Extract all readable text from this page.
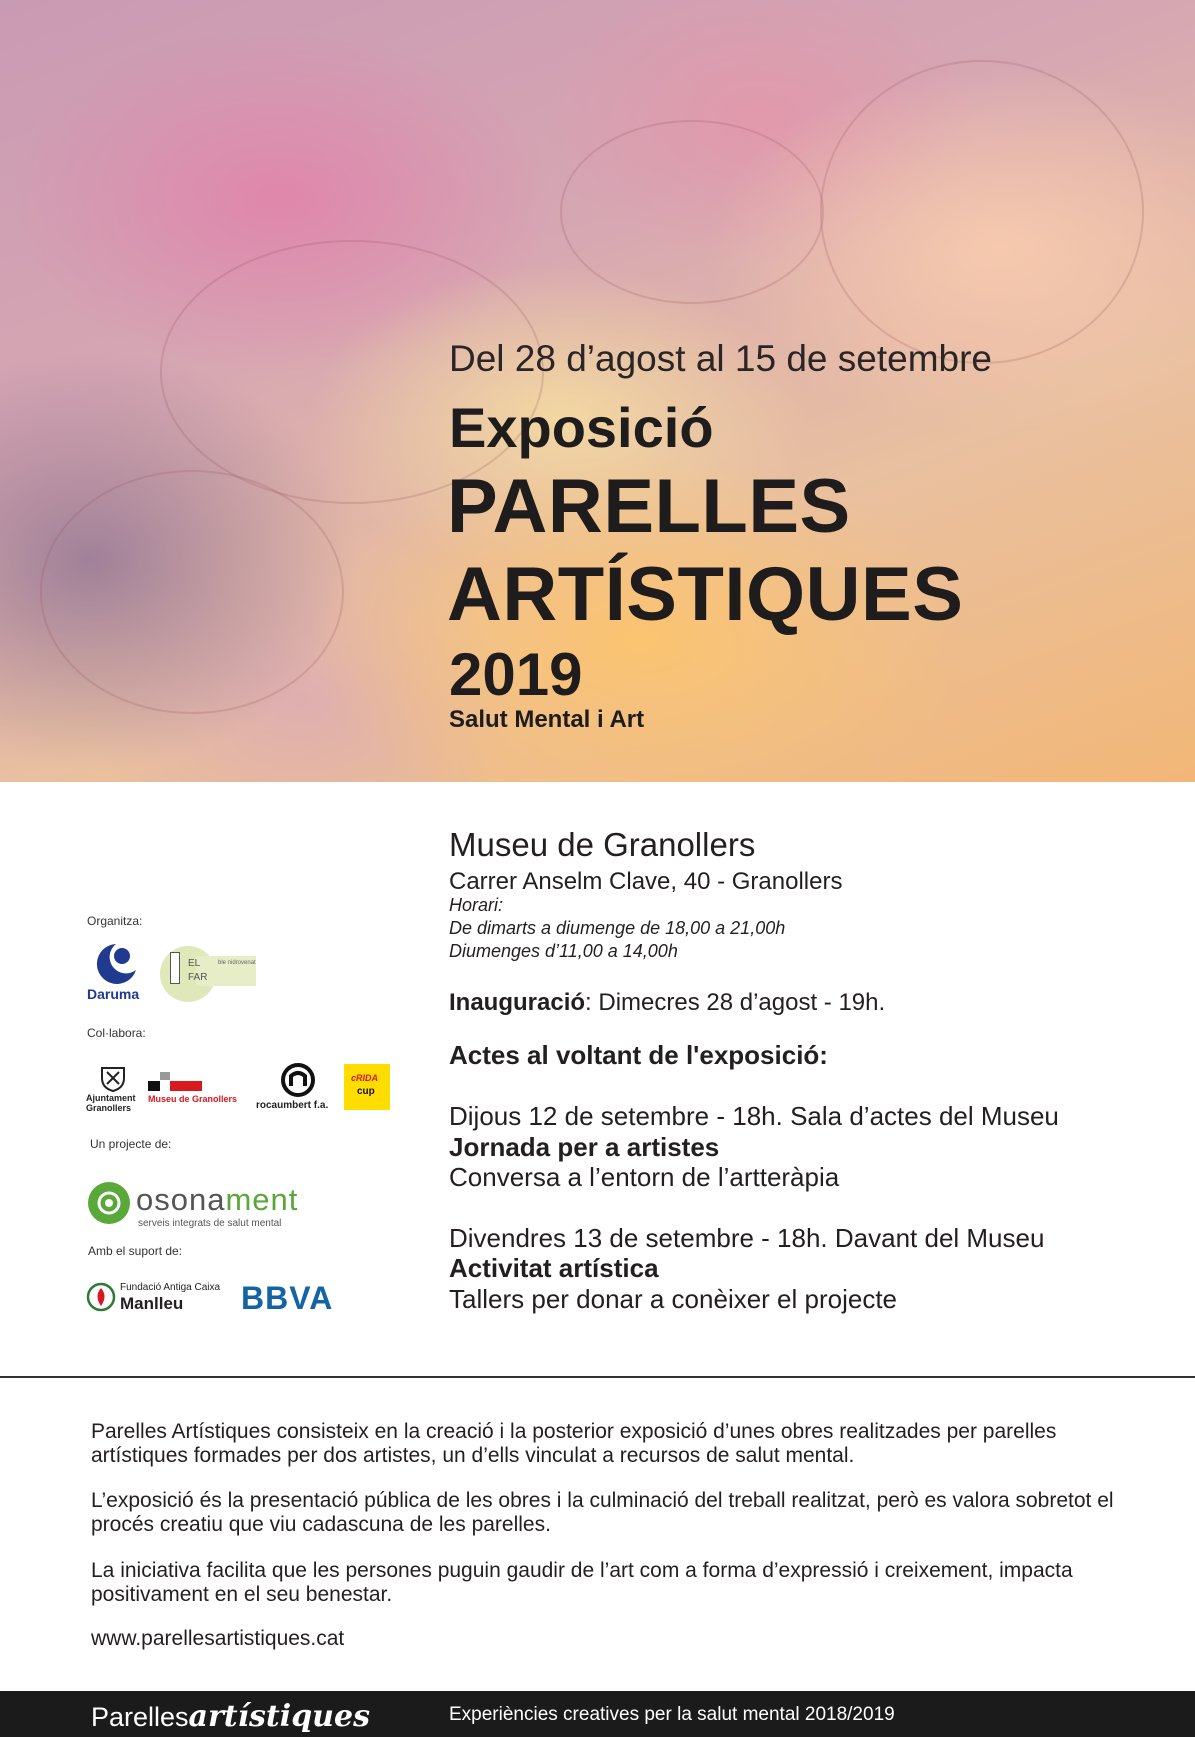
Del 28 d’agost al 15 de setembre
Exposició
PARELLES
ARTÍSTIQUES
2019
Salut Mental i Art
Organitza:
Daruma
EL
FAR
ble nidrovenat
Col·labora:
Ajuntament
Granollers
Museu de Granollers
rocaumbert f.a.
cRIDA
cup
Un projecte de:
osonament
serveis integrats de salut mental
Amb el suport de:
Fundació Antiga Caixa
Manlleu BBVA
Museu de Granollers
Carrer Anselm Clave, 40 - Granollers
Horari:
De dimarts a diumenge de 18,00 a 21,00h
Diumenges d’11,00 a 14,00h
Inauguració: Dimecres 28 d’agost - 19h.
Actes al voltant de l'exposició:
Dijous 12 de setembre - 18h. Sala d’actes del Museu
Jornada per a artistes
Conversa a l’entorn de l’artteràpia
Divendres 13 de setembre - 18h. Davant del Museu
Activitat artística
Tallers per donar a conèixer el projecte
Parelles Artístiques consisteix en la creació i la posterior exposició d’unes obres realitzades per parelles artístiques formades per dos artistes, un d’ells vinculat a recursos de salut mental.
L’exposició és la presentació pública de les obres i la culminació del treball realitzat, però es valora sobretot el procés creatiu que viu cadascuna de les parelles.
La iniciativa facilita que les persones puguin gaudir de l’art com a forma d’expressió i creixement, impacta positivament en el seu benestar.
www.parellesartistiques.cat
Parellesartístiques	Experiències creatives per la salut mental 2018/2019
